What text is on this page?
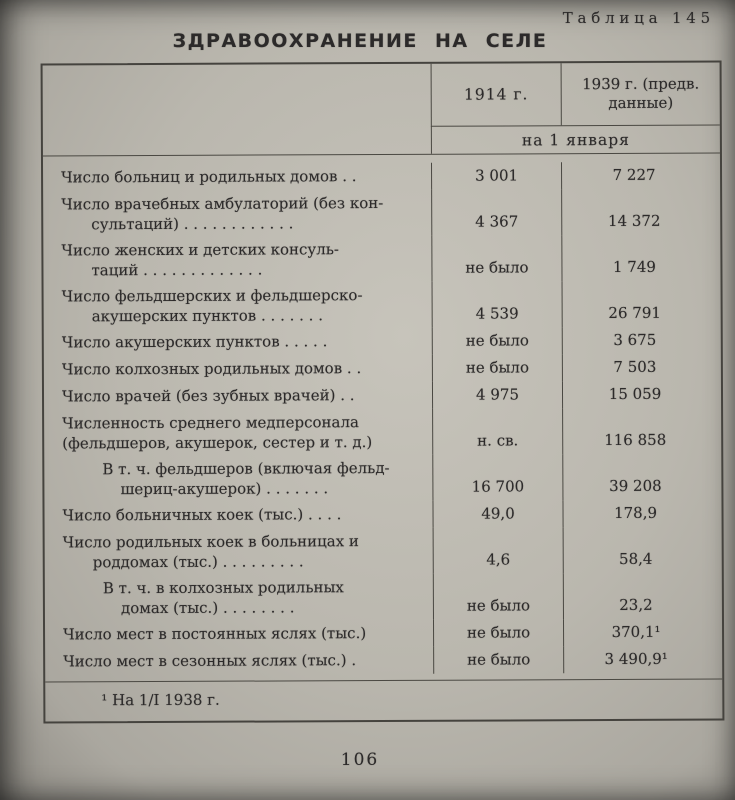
Таблица 145
ЗДРАВООХРАНЕНИЕ НА СЕЛЕ
1914 г.
1939 г. (предв. данные)
на 1 января
Число больниц и родильных домов . .	3 001	7 227
Число врачебных амбулаторий (без кон-
сультаций) . . . . . . . . . . . .	4 367	14 372
Число женских и детских консуль-
таций . . . . . . . . . . . . .	не было	1 749
Число фельдшерских и фельдшерско-
акушерских пунктов . . . . . . .	4 539	26 791
Число акушерских пунктов . . . . .	не было	3 675
Число колхозных родильных домов . .	не было	7 503
Число врачей (без зубных врачей) . .	4 975	15 059
Численность среднего медперсонала
(фельдшеров, акушерок, сестер и т. д.)	н. св.	116 858
В т. ч. фельдшеров (включая фельд-
шериц-акушерок) . . . . . . .	16 700	39 208
Число больничных коек (тыс.) . . . .	49,0	178,9
Число родильных коек в больницах и
роддомах (тыс.) . . . . . . . . .	4,6	58,4
В т. ч. в колхозных родильных
домах (тыс.) . . . . . . . .	не было	23,2
Число мест в постоянных яслях (тыс.)	не было	370,1¹
Число мест в сезонных яслях (тыс.) .	не было	3 490,9¹
¹ На 1/I 1938 г.
106
